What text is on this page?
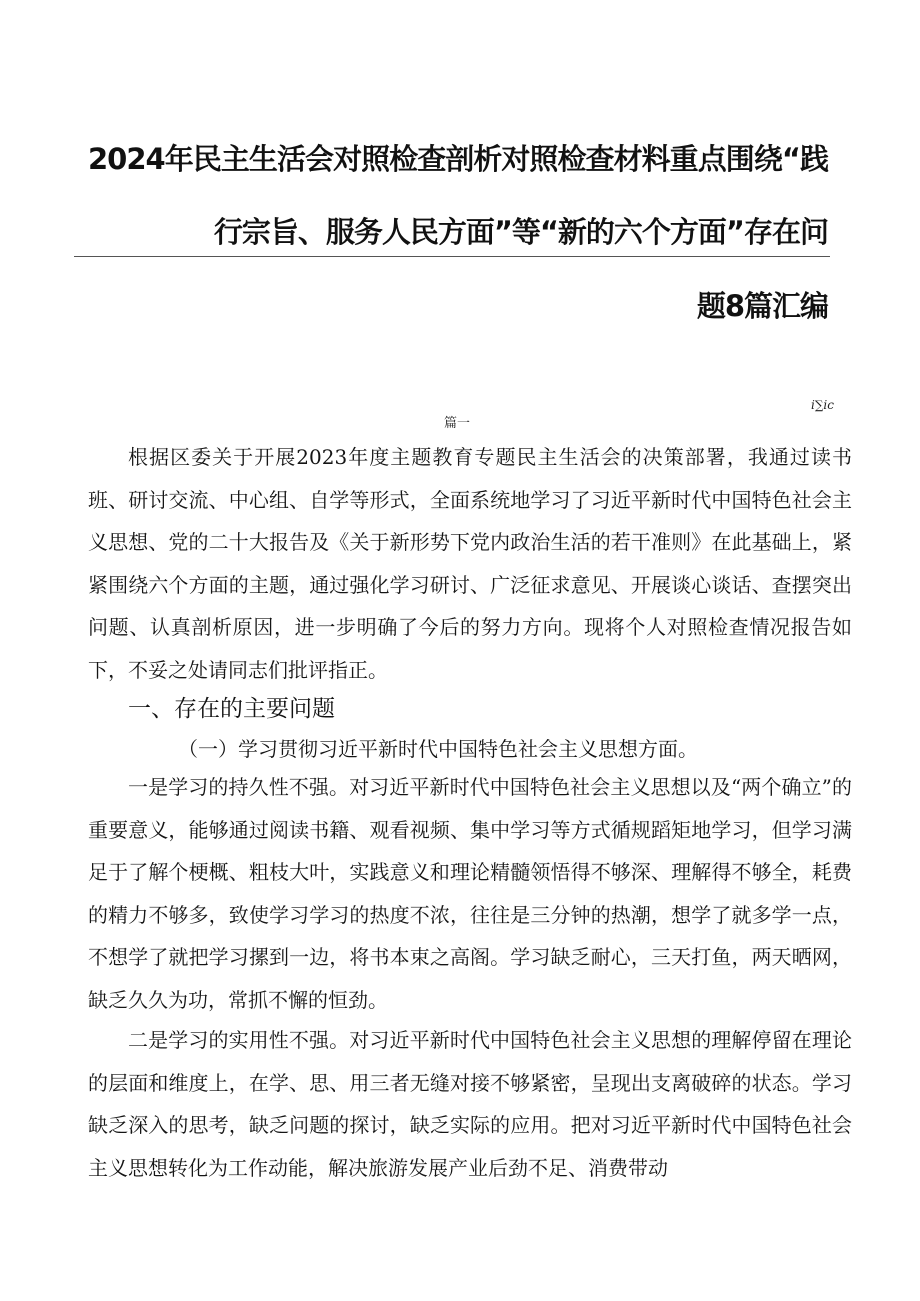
2024年民主生活会对照检查剖析对照检查材料重点围绕“践
行宗旨、服务人民方面”等“新的六个方面”存在问
题8篇汇编
i∑ic
篇一
根据区委关于开展2023年度主题教育专题民主生活会的决策部署，我通过读书班、研讨交流、中心组、自学等形式，全面系统地学习了习近平新时代中国特色社会主义思想、党的二十大报告及《关于新形势下党内政治生活的若干准则》在此基础上，紧紧围绕六个方面的主题，通过强化学习研讨、广泛征求意见、开展谈心谈话、查摆突出问题、认真剖析原因，进一步明确了今后的努力方向。现将个人对照检查情况报告如下，不妥之处请同志们批评指正。
一、存在的主要问题
（一）学习贯彻习近平新时代中国特色社会主义思想方面。
一是学习的持久性不强。对习近平新时代中国特色社会主义思想以及“两个确立”的重要意义，能够通过阅读书籍、观看视频、集中学习等方式循规蹈矩地学习，但学习满足于了解个梗概、粗枝大叶，实践意义和理论精髓领悟得不够深、理解得不够全，耗费的精力不够多，致使学习学习的热度不浓，往往是三分钟的热潮，想学了就多学一点，不想学了就把学习摞到一边，将书本束之高阁。学习缺乏耐心，三天打鱼，两天晒网，缺乏久久为功，常抓不懈的恒劲。
二是学习的实用性不强。对习近平新时代中国特色社会主义思想的理解停留在理论的层面和维度上，在学、思、用三者无缝对接不够紧密，呈现出支离破碎的状态。学习缺乏深入的思考，缺乏问题的探讨，缺乏实际的应用。把对习近平新时代中国特色社会主义思想转化为工作动能，解决旅游发展产业后劲不足、消费带动
